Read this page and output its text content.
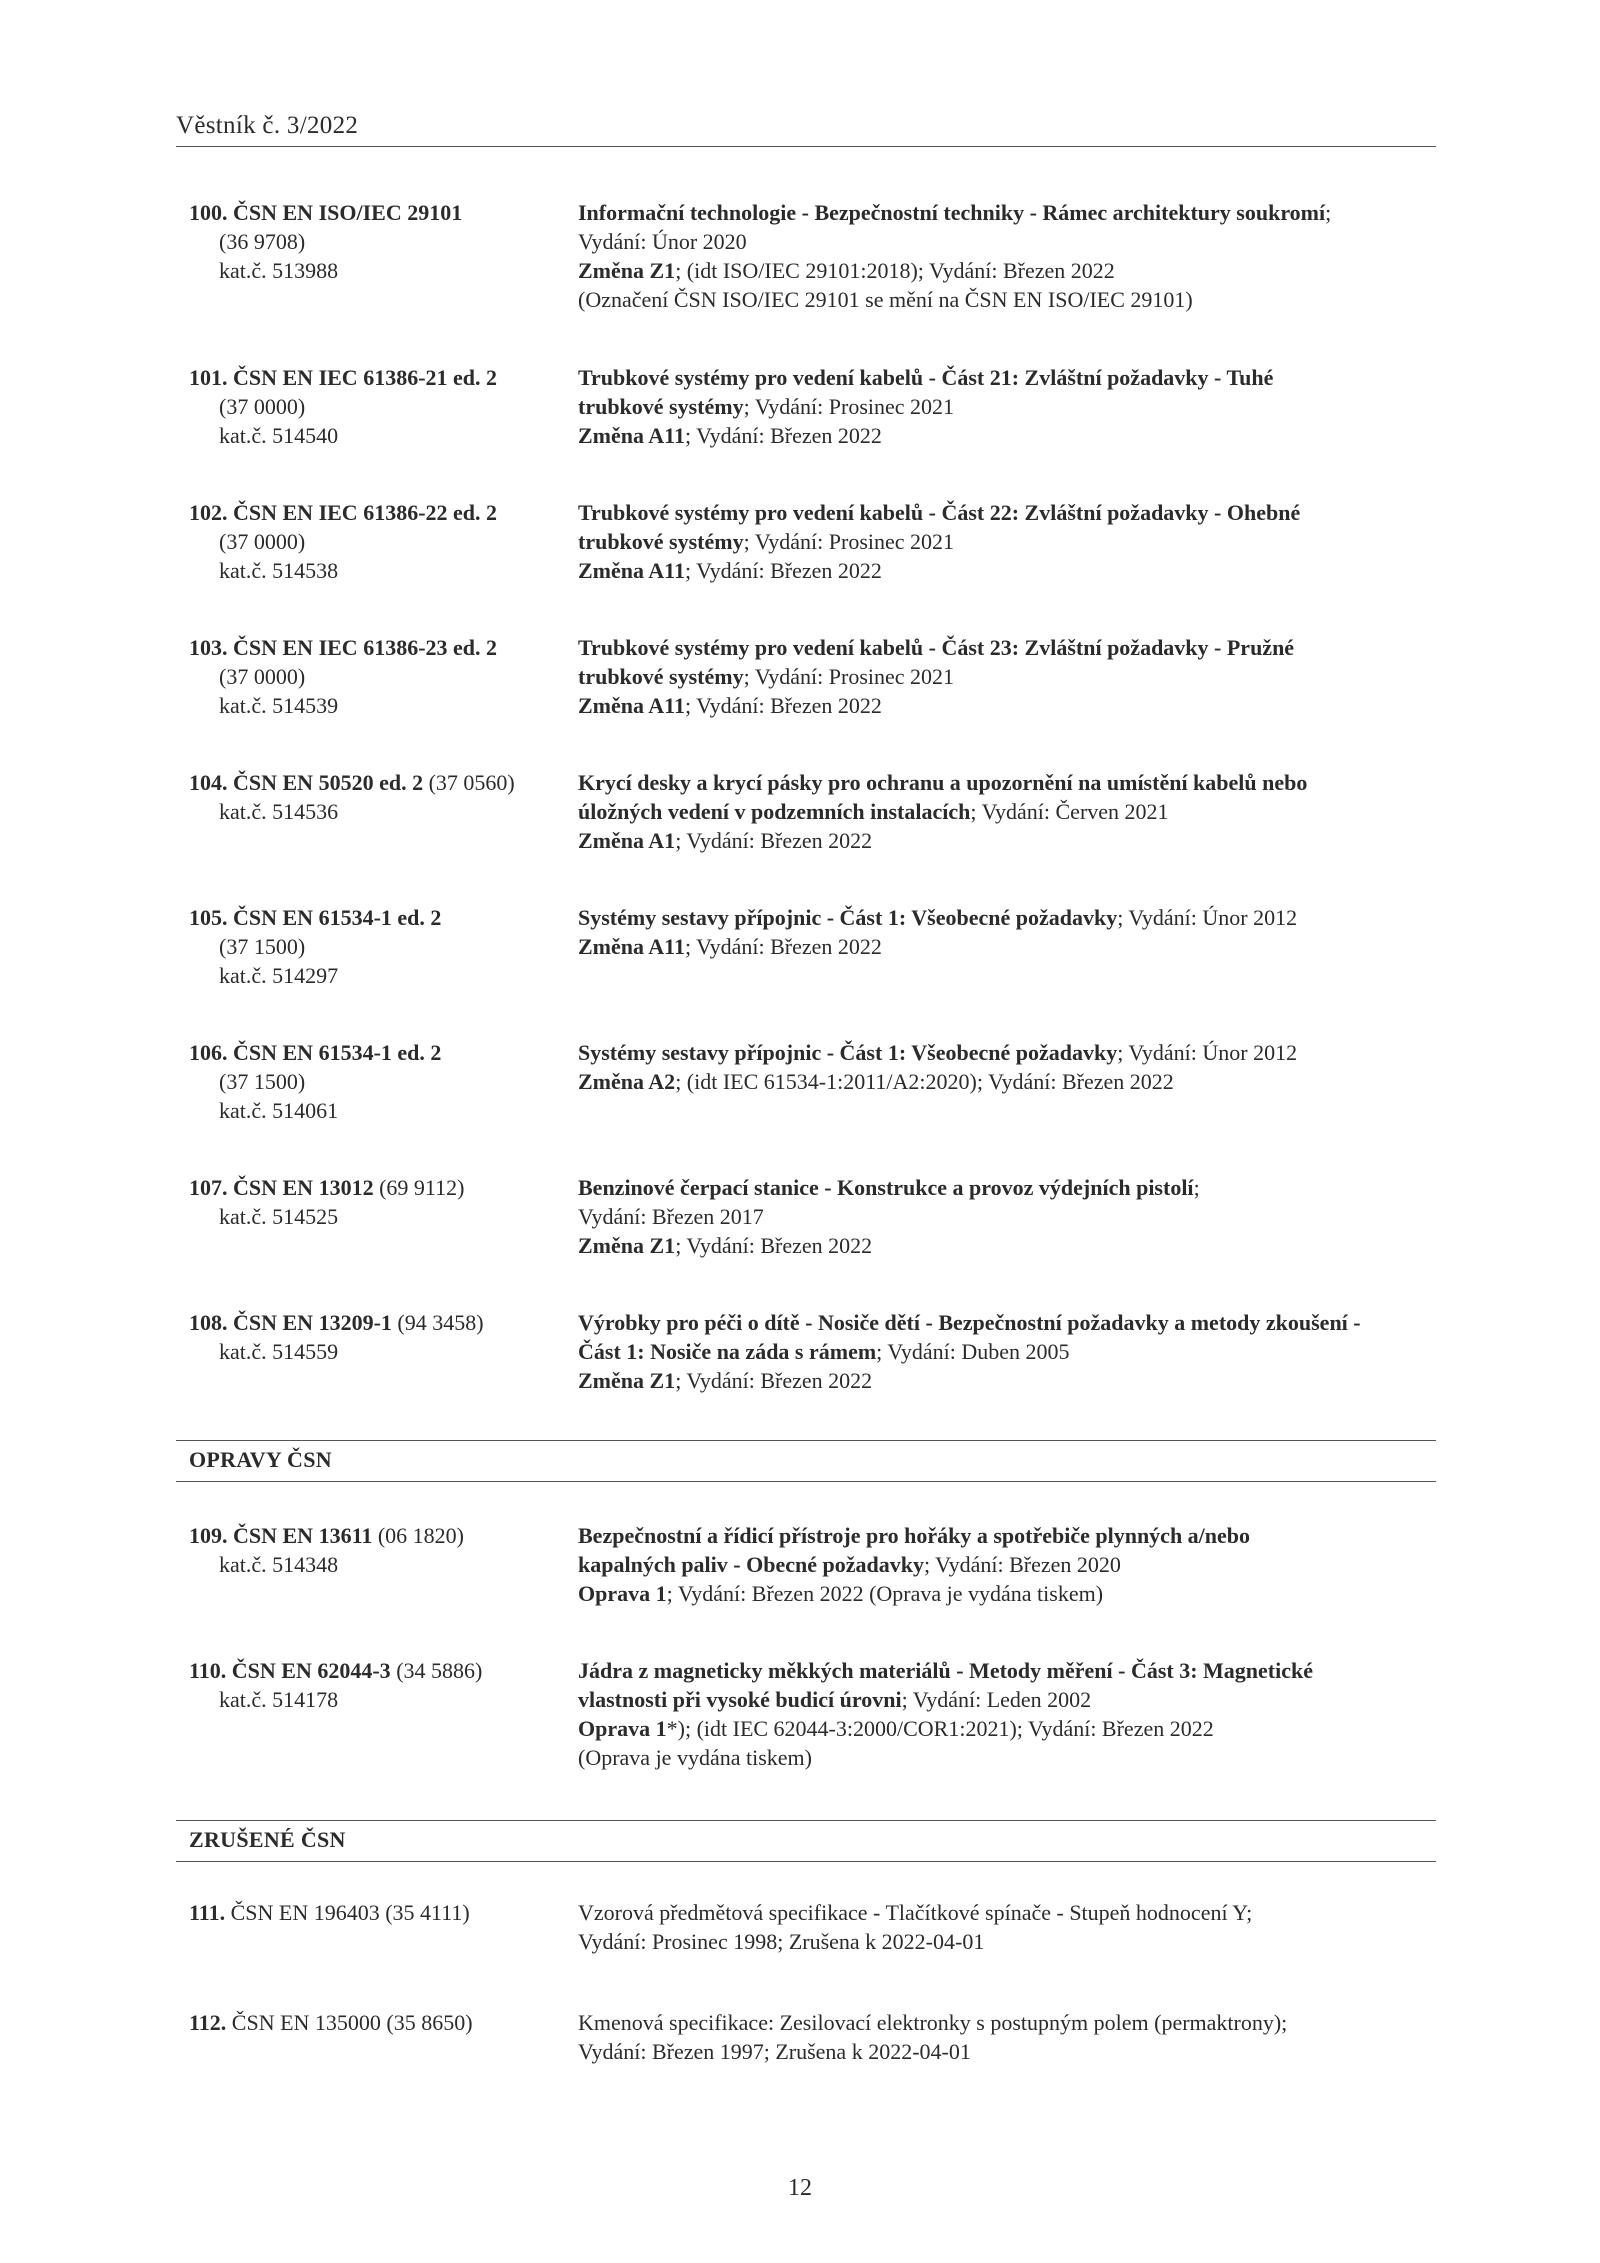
Věstník č. 3/2022
100. ČSN EN ISO/IEC 29101
(36 9708)
kat.č. 513988
Informační technologie - Bezpečnostní techniky - Rámec architektury soukromí;
Vydání: Únor 2020
Změna Z1; (idt ISO/IEC 29101:2018); Vydání: Březen 2022
(Označení ČSN ISO/IEC 29101 se mění na ČSN EN ISO/IEC 29101)
101. ČSN EN IEC 61386-21 ed. 2
(37 0000)
kat.č. 514540
Trubkové systémy pro vedení kabelů - Část 21: Zvláštní požadavky - Tuhé
trubkové systémy; Vydání: Prosinec 2021
Změna A11; Vydání: Březen 2022
102. ČSN EN IEC 61386-22 ed. 2
(37 0000)
kat.č. 514538
Trubkové systémy pro vedení kabelů - Část 22: Zvláštní požadavky - Ohebné
trubkové systémy; Vydání: Prosinec 2021
Změna A11; Vydání: Březen 2022
103. ČSN EN IEC 61386-23 ed. 2
(37 0000)
kat.č. 514539
Trubkové systémy pro vedení kabelů - Část 23: Zvláštní požadavky - Pružné
trubkové systémy; Vydání: Prosinec 2021
Změna A11; Vydání: Březen 2022
104. ČSN EN 50520 ed. 2 (37 0560)
kat.č. 514536
Krycí desky a krycí pásky pro ochranu a upozornění na umístění kabelů nebo
úložných vedení v podzemních instalacích; Vydání: Červen 2021
Změna A1; Vydání: Březen 2022
105. ČSN EN 61534-1 ed. 2
(37 1500)
kat.č. 514297
Systémy sestavy přípojnic - Část 1: Všeobecné požadavky; Vydání: Únor 2012
Změna A11; Vydání: Březen 2022
106. ČSN EN 61534-1 ed. 2
(37 1500)
kat.č. 514061
Systémy sestavy přípojnic - Část 1: Všeobecné požadavky; Vydání: Únor 2012
Změna A2; (idt IEC 61534-1:2011/A2:2020); Vydání: Březen 2022
107. ČSN EN 13012 (69 9112)
kat.č. 514525
Benzinové čerpací stanice - Konstrukce a provoz výdejních pistolí;
Vydání: Březen 2017
Změna Z1; Vydání: Březen 2022
108. ČSN EN 13209-1 (94 3458)
kat.č. 514559
Výrobky pro péči o dítě - Nosiče dětí - Bezpečnostní požadavky a metody zkoušení -
Část 1: Nosiče na záda s rámem; Vydání: Duben 2005
Změna Z1; Vydání: Březen 2022
109. ČSN EN 13611 (06 1820)
kat.č. 514348
Bezpečnostní a řídicí přístroje pro hořáky a spotřebiče plynných a/nebo
kapalných paliv - Obecné požadavky; Vydání: Březen 2020
Oprava 1; Vydání: Březen 2022 (Oprava je vydána tiskem)
110. ČSN EN 62044-3 (34 5886)
kat.č. 514178
Jádra z magneticky měkkých materiálů - Metody měření - Část 3: Magnetické
vlastnosti při vysoké budicí úrovni; Vydání: Leden 2002
Oprava 1*); (idt IEC 62044-3:2000/COR1:2021); Vydání: Březen 2022
(Oprava je vydána tiskem)
111. ČSN EN 196403 (35 4111)	Vzorová předmětová specifikace - Tlačítkové spínače - Stupeň hodnocení Y;
Vydání: Prosinec 1998; Zrušena k 2022-04-01
112. ČSN EN 135000 (35 8650)	Kmenová specifikace: Zesilovací elektronky s postupným polem (permaktrony);
Vydání: Březen 1997; Zrušena k 2022-04-01
OPRAVY ČSN
ZRUŠENÉ ČSN
12
